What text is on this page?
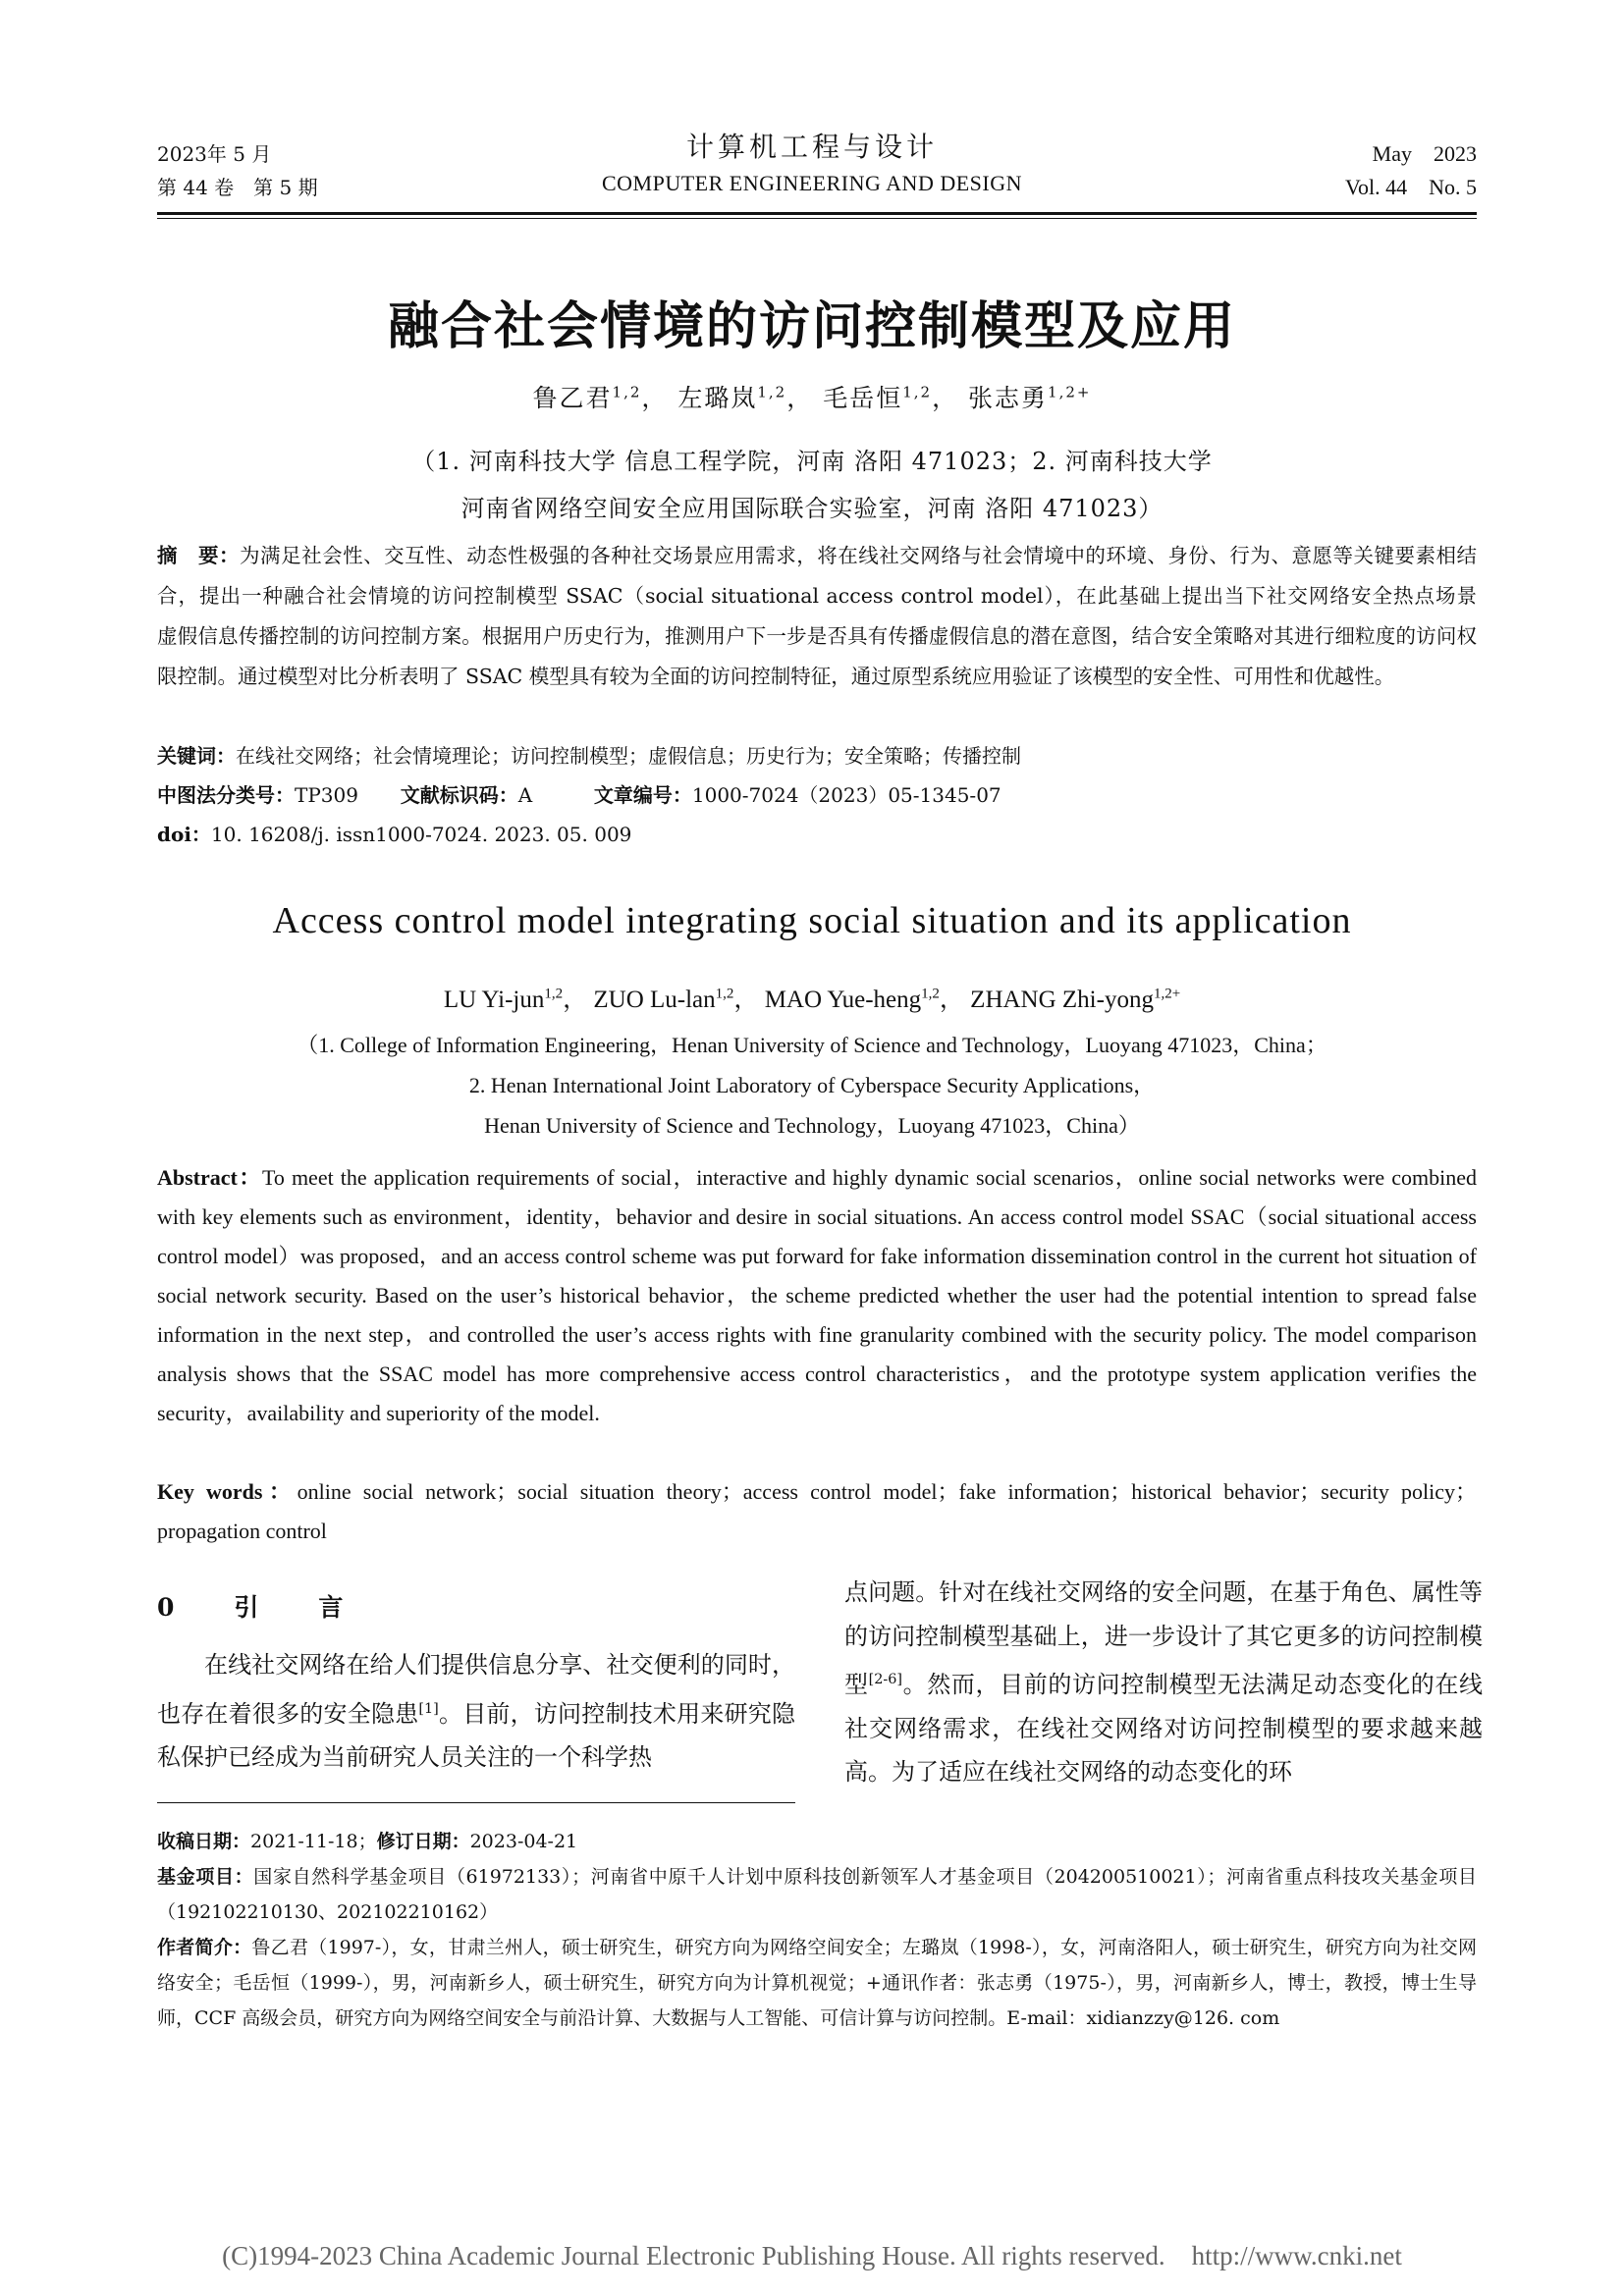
2023年 5 月
第 44 卷　第 5 期
计算机工程与设计
COMPUTER ENGINEERING AND DESIGN
May　2023
Vol. 44　No. 5
融合社会情境的访问控制模型及应用
鲁乙君$^{1,2}$， 左璐岚$^{1,2}$， 毛岳恒$^{1,2}$， 张志勇$^{1,2+}$
（1. 河南科技大学 信息工程学院，河南 洛阳 471023；2. 河南科技大学
河南省网络空间安全应用国际联合实验室，河南 洛阳 471023）
摘　要：为满足社会性、交互性、动态性极强的各种社交场景应用需求，将在线社交网络与社会情境中的环境、身份、行为、意愿等关键要素相结合，提出一种融合社会情境的访问控制模型 SSAC（social situational access control model），在此基础上提出当下社交网络安全热点场景　　虚假信息传播控制的访问控制方案。根据用户历史行为，推测用户下一步是否具有传播虚假信息的潜在意图，结合安全策略对其进行细粒度的访问权限控制。通过模型对比分析表明了 SSAC 模型具有较为全面的访问控制特征，通过原型系统应用验证了该模型的安全性、可用性和优越性。
关键词：在线社交网络；社会情境理论；访问控制模型；虚假信息；历史行为；安全策略；传播控制
中图法分类号：TP309 文献标识码：A	文章编号：1000-7024（2023）05-1345-07
doi：10. 16208/j. issn1000-7024. 2023. 05. 009
Access control model integrating social situation and its application
LU Yi-jun$^{1,2}$， ZUO Lu-lan$^{1,2}$， MAO Yue-heng$^{1,2}$， ZHANG Zhi-yong$^{1,2+}$
（1. College of Information Engineering，Henan University of Science and Technology，Luoyang 471023，China；
2. Henan International Joint Laboratory of Cyberspace Security Applications，
Henan University of Science and Technology，Luoyang 471023，China）
Abstract：To meet the application requirements of social，interactive and highly dynamic social scenarios，online social networks were combined with key elements such as environment，identity，behavior and desire in social situations. An access control model SSAC（social situational access control model）was proposed，and an access control scheme was put forward for fake information dissemination control in the current hot situation of social network security. Based on the user’s historical behavior，the scheme predicted whether the user had the potential intention to spread false information in the next step，and controlled the user’s access rights with fine granularity combined with the security policy. The model comparison analysis shows that the SSAC model has more comprehensive access control characteristics，and the prototype system application verifies the security，availability and superiority of the model.
Key words：online social network；social situation theory；access control model；fake information；historical behavior；security policy；propagation control
0　引　言
在线社交网络在给人们提供信息分享、社交便利的同时，也存在着很多的安全隐患[1]。目前，访问控制技术用来研究隐私保护已经成为当前研究人员关注的一个科学热
点问题。针对在线社交网络的安全问题，在基于角色、属性等的访问控制模型基础上，进一步设计了其它更多的访问控制模型[2-6]。然而，目前的访问控制模型无法满足动态变化的在线社交网络需求，在线社交网络对访问控制模型的要求越来越高。为了适应在线社交网络的动态变化的环
收稿日期：2021-11-18；修订日期：2023-04-21
基金项目：国家自然科学基金项目（61972133）；河南省中原千人计划中原科技创新领军人才基金项目（204200510021）；河南省重点科技攻关基金项目（192102210130、202102210162）
作者简介：鲁乙君（1997-），女，甘肃兰州人，硕士研究生，研究方向为网络空间安全；左璐岚（1998-），女，河南洛阳人，硕士研究生，研究方向为社交网络安全；毛岳恒（1999-），男，河南新乡人，硕士研究生，研究方向为计算机视觉；+通讯作者：张志勇（1975-），男，河南新乡人，博士，教授，博士生导师，CCF 高级会员，研究方向为网络空间安全与前沿计算、大数据与人工智能、可信计算与访问控制。E-mail：xidianzzy@126. com
(C)1994-2023 China Academic Journal Electronic Publishing House. All rights reserved.　http://www.cnki.net
